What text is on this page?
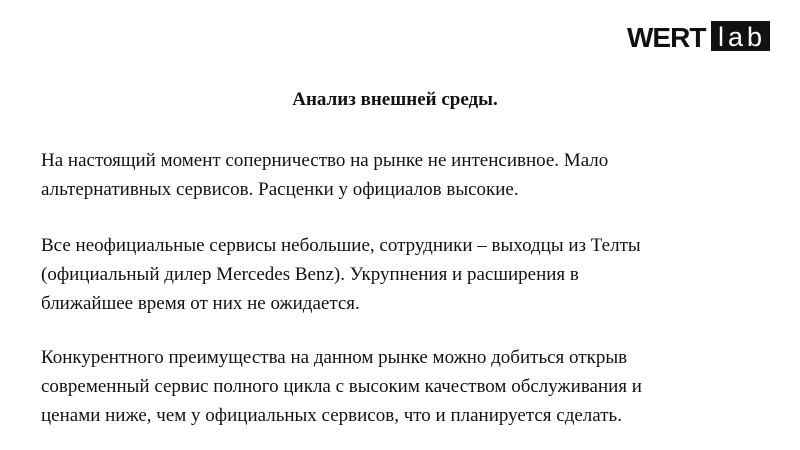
WERT lab
Анализ внешней среды.

На настоящий момент соперничество на рынке не интенсивное. Мало
альтернативных сервисов. Расценки у официалов высокие.

Все неофициальные сервисы небольшие, сотрудники – выходцы из Телты
(официальный дилер Mercedes Benz). Укрупнения и расширения в
ближайшее время от них не ожидается.

Конкурентного преимущества на данном рынке можно добиться открыв
современный сервис полного цикла с высоким качеством обслуживания и
ценами ниже, чем у официальных сервисов, что и планируется сделать.
